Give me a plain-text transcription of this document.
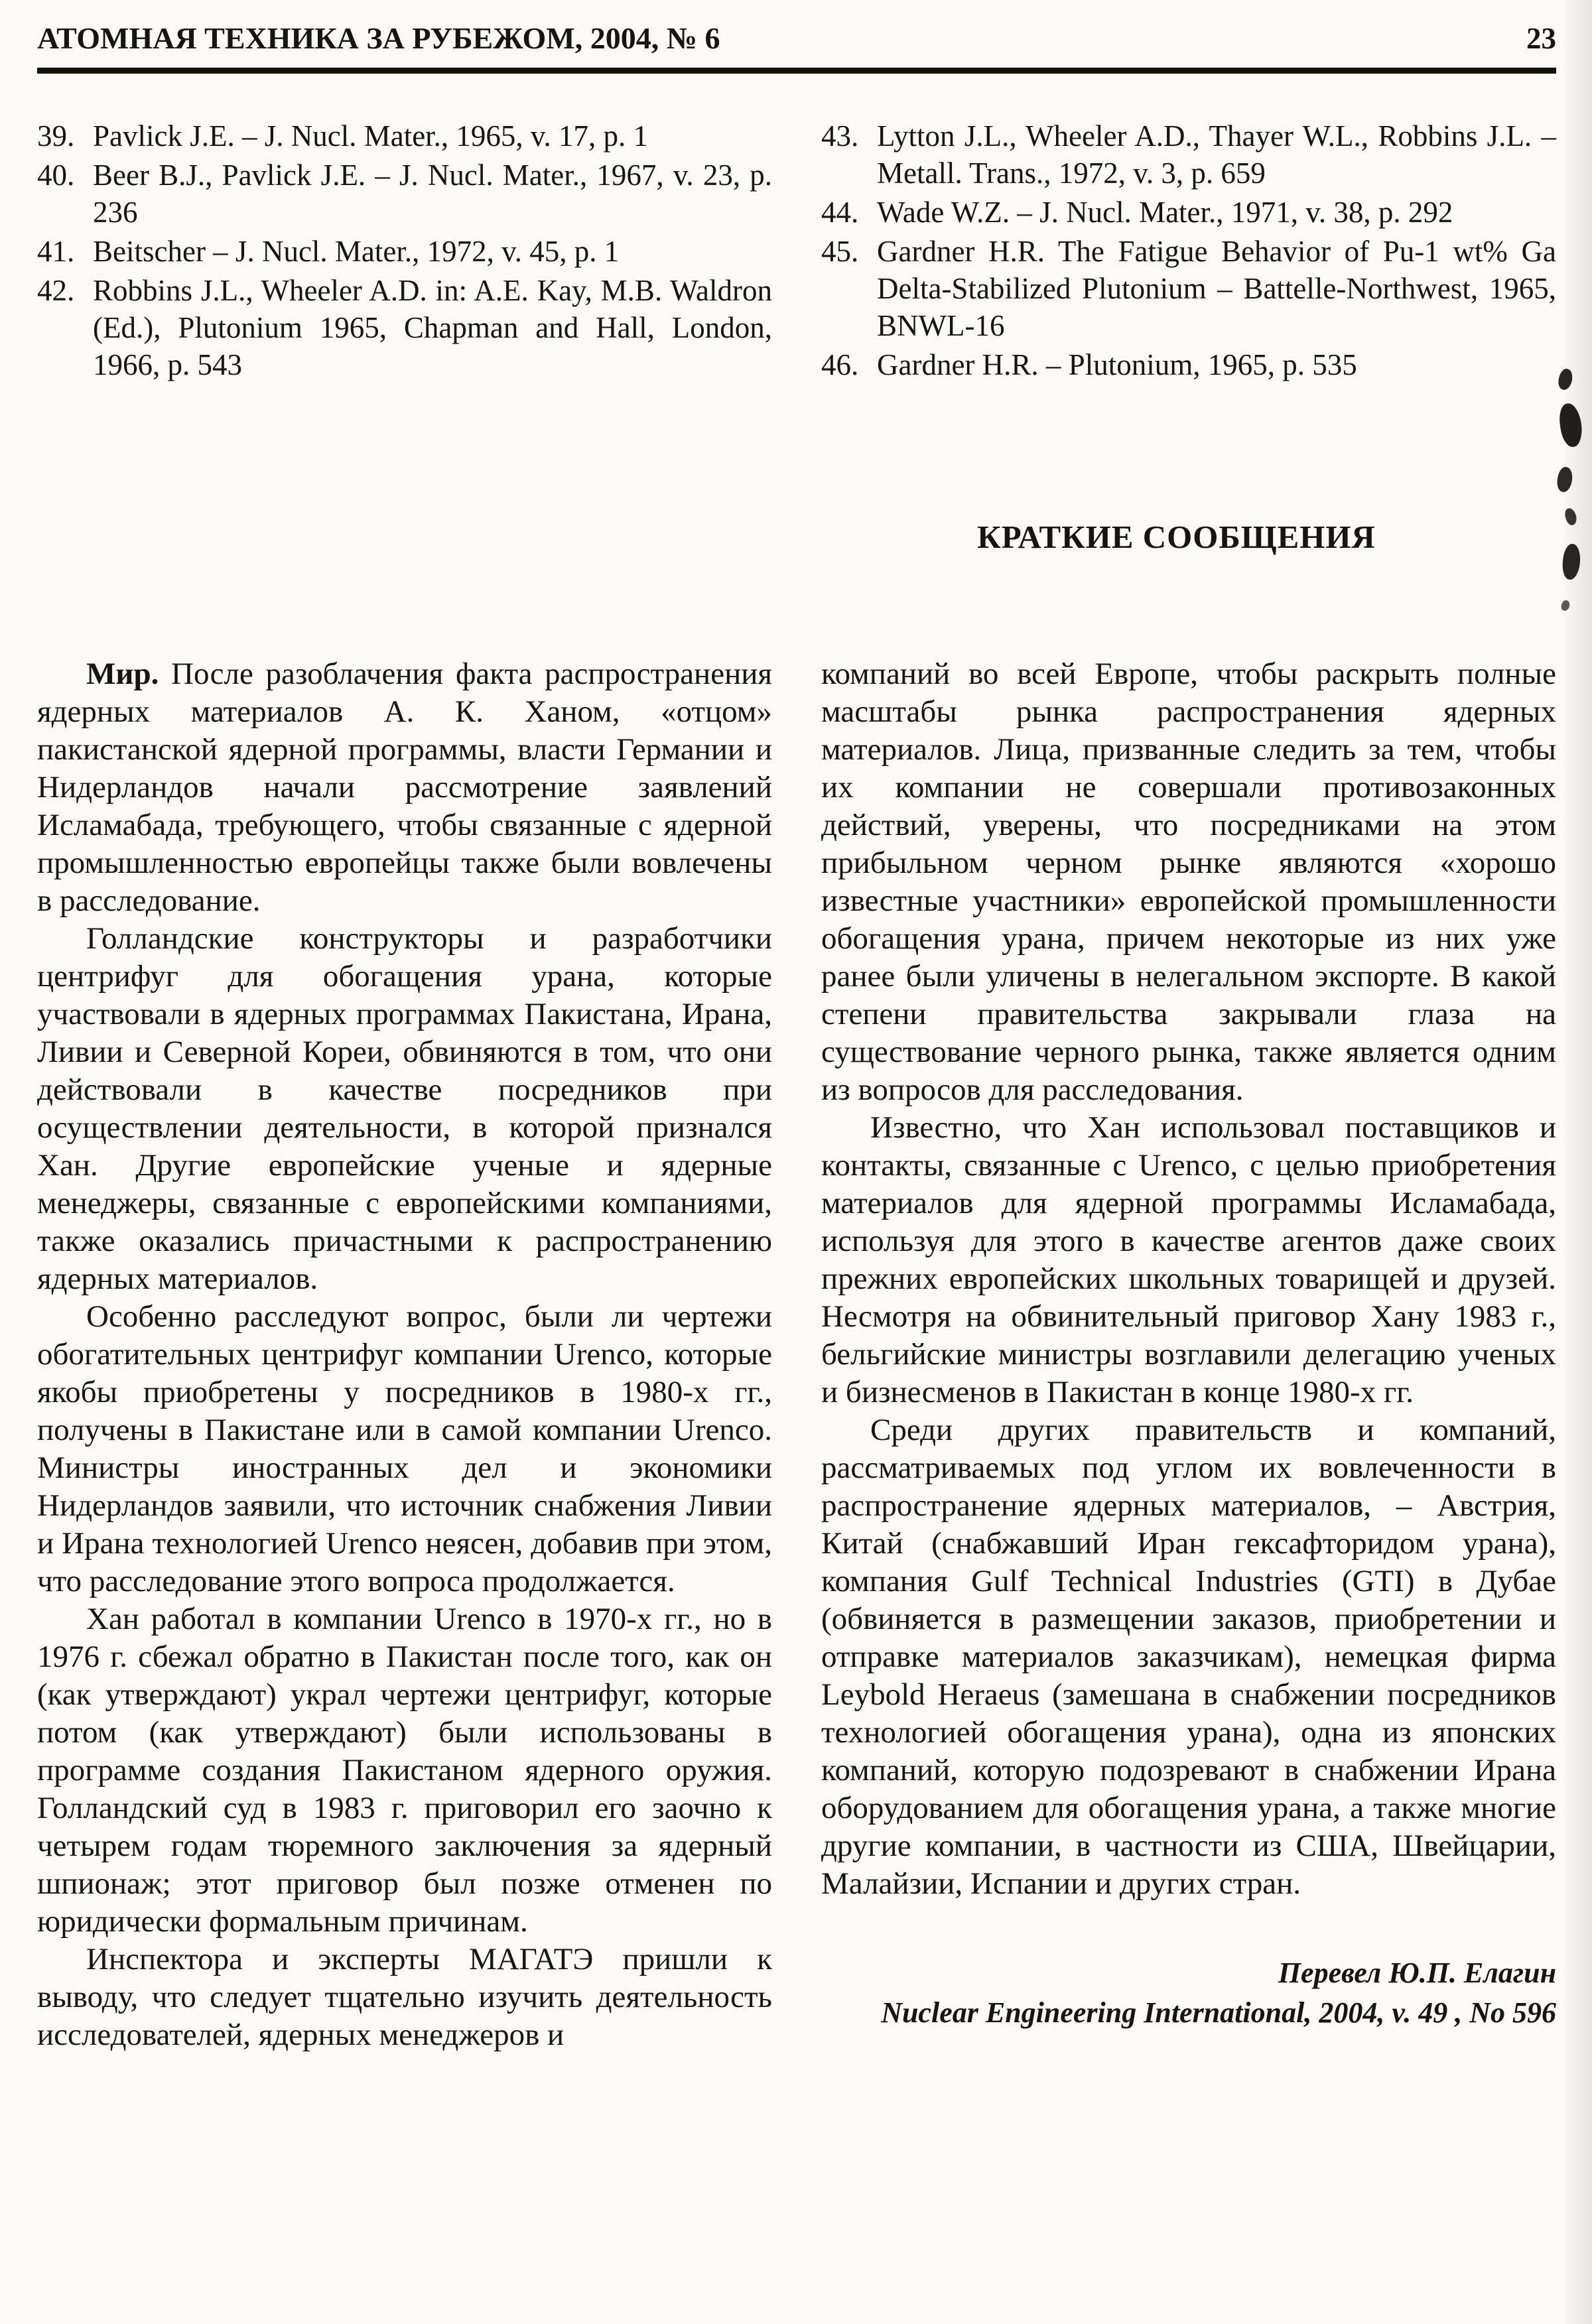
АТОМНАЯ ТЕХНИКА ЗА РУБЕЖОМ, 2004, № 6	23
39. Pavlick J.E. – J. Nucl. Mater., 1965, v. 17, p. 1
40. Beer B.J., Pavlick J.E. – J. Nucl. Mater., 1967, v. 23, p. 236
41. Beitscher – J. Nucl. Mater., 1972, v. 45, p. 1
42. Robbins J.L., Wheeler A.D. in: A.E. Kay, M.B. Waldron (Ed.), Plutonium 1965, Chapman and Hall, London, 1966, p. 543
43. Lytton J.L., Wheeler A.D., Thayer W.L., Robbins J.L. – Metall. Trans., 1972, v. 3, p. 659
44. Wade W.Z. – J. Nucl. Mater., 1971, v. 38, p. 292
45. Gardner H.R. The Fatigue Behavior of Pu-1 wt% Ga Delta-Stabilized Plutonium – Battelle-Northwest, 1965, BNWL-16
46. Gardner H.R. – Plutonium, 1965, p. 535
КРАТКИЕ СООБЩЕНИЯ

Мир. После разоблачения факта распространения ядерных материалов А. К. Ханом, «отцом» пакистанской ядерной программы, власти Германии и Нидерландов начали рассмотрение заявлений Исламабада, требующего, чтобы связанные с ядерной промышленностью европейцы также были вовлечены в расследование.

Голландские конструкторы и разработчики центрифуг для обогащения урана, которые участвовали в ядерных программах Пакистана, Ирана, Ливии и Северной Кореи, обвиняются в том, что они действовали в качестве посредников при осуществлении деятельности, в которой признался Хан. Другие европейские ученые и ядерные менеджеры, связанные с европейскими компаниями, также оказались причастными к распространению ядерных материалов.

Особенно расследуют вопрос, были ли чертежи обогатительных центрифуг компании Urenco, которые якобы приобретены у посредников в 1980-х гг., получены в Пакистане или в самой компании Urenco. Министры иностранных дел и экономики Нидерландов заявили, что источник снабжения Ливии и Ирана технологией Urenco неясен, добавив при этом, что расследование этого вопроса продолжается.

Хан работал в компании Urenco в 1970-х гг., но в 1976 г. сбежал обратно в Пакистан после того, как он (как утверждают) украл чертежи центрифуг, которые потом (как утверждают) были использованы в программе создания Пакистаном ядерного оружия. Голландский суд в 1983 г. приговорил его заочно к четырем годам тюремного заключения за ядерный шпионаж; этот приговор был позже отменен по юридически формальным причинам.

Инспектора и эксперты МАГАТЭ пришли к выводу, что следует тщательно изучить деятельность исследователей, ядерных менеджеров и

компаний во всей Европе, чтобы раскрыть полные масштабы рынка распространения ядерных материалов. Лица, призванные следить за тем, чтобы их компании не совершали противозаконных действий, уверены, что посредниками на этом прибыльном черном рынке являются «хорошо известные участники» европейской промышленности обогащения урана, причем некоторые из них уже ранее были уличены в нелегальном экспорте. В какой степени правительства закрывали глаза на существование черного рынка, также является одним из вопросов для расследования.

Известно, что Хан использовал поставщиков и контакты, связанные с Urenco, с целью приобретения материалов для ядерной программы Исламабада, используя для этого в качестве агентов даже своих прежних европейских школьных товарищей и друзей. Несмотря на обвинительный приговор Хану 1983 г., бельгийские министры возглавили делегацию ученых и бизнесменов в Пакистан в конце 1980-х гг.

Среди других правительств и компаний, рассматриваемых под углом их вовлеченности в распространение ядерных материалов, – Австрия, Китай (снабжавший Иран гексафторидом урана), компания Gulf Technical Industries (GTI) в Дубае (обвиняется в размещении заказов, приобретении и отправке материалов заказчикам), немецкая фирма Leybold Heraeus (замешана в снабжении посредников технологией обогащения урана), одна из японских компаний, которую подозревают в снабжении Ирана оборудованием для обогащения урана, а также многие другие компании, в частности из США, Швейцарии, Малайзии, Испании и других стран.

Перевел Ю.П. Елагин
Nuclear Engineering International, 2004, v. 49 , No 596
